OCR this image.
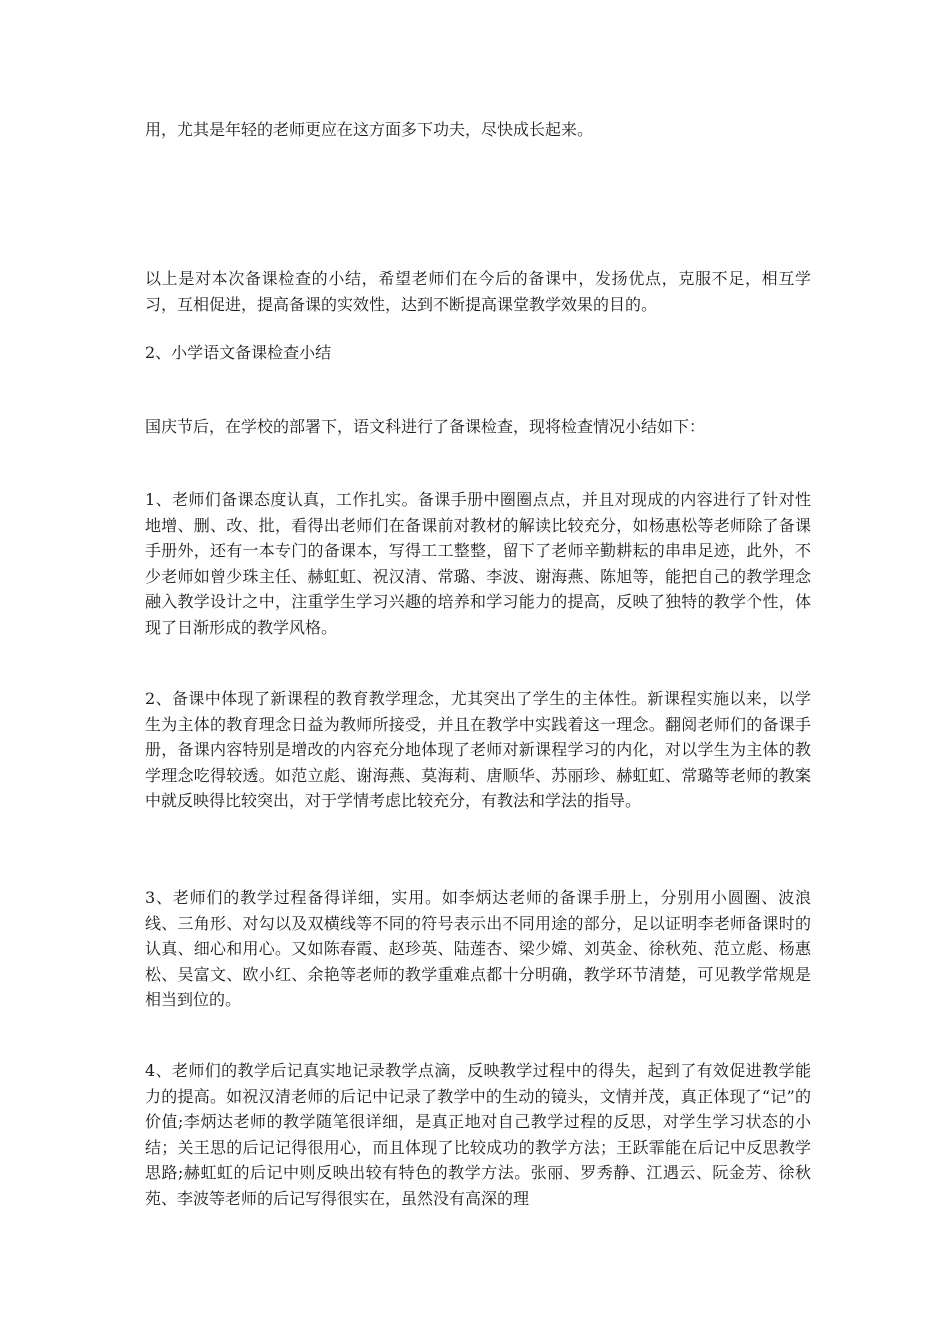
用，尤其是年轻的老师更应在这方面多下功夫，尽快成长起来。

以上是对本次备课检查的小结，希望老师们在今后的备课中，发扬优点，克服不足，相互学习，互相促进，提高备课的实效性，达到不断提高课堂教学效果的目的。

2、小学语文备课检查小结

国庆节后，在学校的部署下，语文科进行了备课检查，现将检查情况小结如下：

1、老师们备课态度认真，工作扎实。备课手册中圈圈点点，并且对现成的内容进行了针对性地增、删、改、批，看得出老师们在备课前对教材的解读比较充分，如杨惠松等老师除了备课手册外，还有一本专门的备课本，写得工工整整，留下了老师辛勤耕耘的串串足迹，此外，不少老师如曾少珠主任、赫虹虹、祝汉清、常璐、李波、谢海燕、陈旭等，能把自己的教学理念融入教学设计之中，注重学生学习兴趣的培养和学习能力的提高，反映了独特的教学个性，体现了日渐形成的教学风格。

2、备课中体现了新课程的教育教学理念，尤其突出了学生的主体性。新课程实施以来，以学生为主体的教育理念日益为教师所接受，并且在教学中实践着这一理念。翻阅老师们的备课手册，备课内容特别是增改的内容充分地体现了老师对新课程学习的内化，对以学生为主体的教学理念吃得较透。如范立彪、谢海燕、莫海莉、唐顺华、苏丽珍、赫虹虹、常璐等老师的教案中就反映得比较突出，对于学情考虑比较充分，有教法和学法的指导。

3、老师们的教学过程备得详细，实用。如李炳达老师的备课手册上，分别用小圆圈、波浪线、三角形、对勾以及双横线等不同的符号表示出不同用途的部分，足以证明李老师备课时的认真、细心和用心。又如陈春霞、赵珍英、陆莲杏、梁少嫦、刘英金、徐秋苑、范立彪、杨惠松、吴富文、欧小红、余艳等老师的教学重难点都十分明确，教学环节清楚，可见教学常规是相当到位的。

4、老师们的教学后记真实地记录教学点滴，反映教学过程中的得失，起到了有效促进教学能力的提高。如祝汉清老师的后记中记录了教学中的生动的镜头，文情并茂，真正体现了“记”的价值;李炳达老师的教学随笔很详细，是真正地对自己教学过程的反思，对学生学习状态的小结；关王思的后记记得很用心，而且体现了比较成功的教学方法；王跃霏能在后记中反思教学思路;赫虹虹的后记中则反映出较有特色的教学方法。张丽、罗秀静、江遇云、阮金芳、徐秋苑、李波等老师的后记写得很实在，虽然没有高深的理
